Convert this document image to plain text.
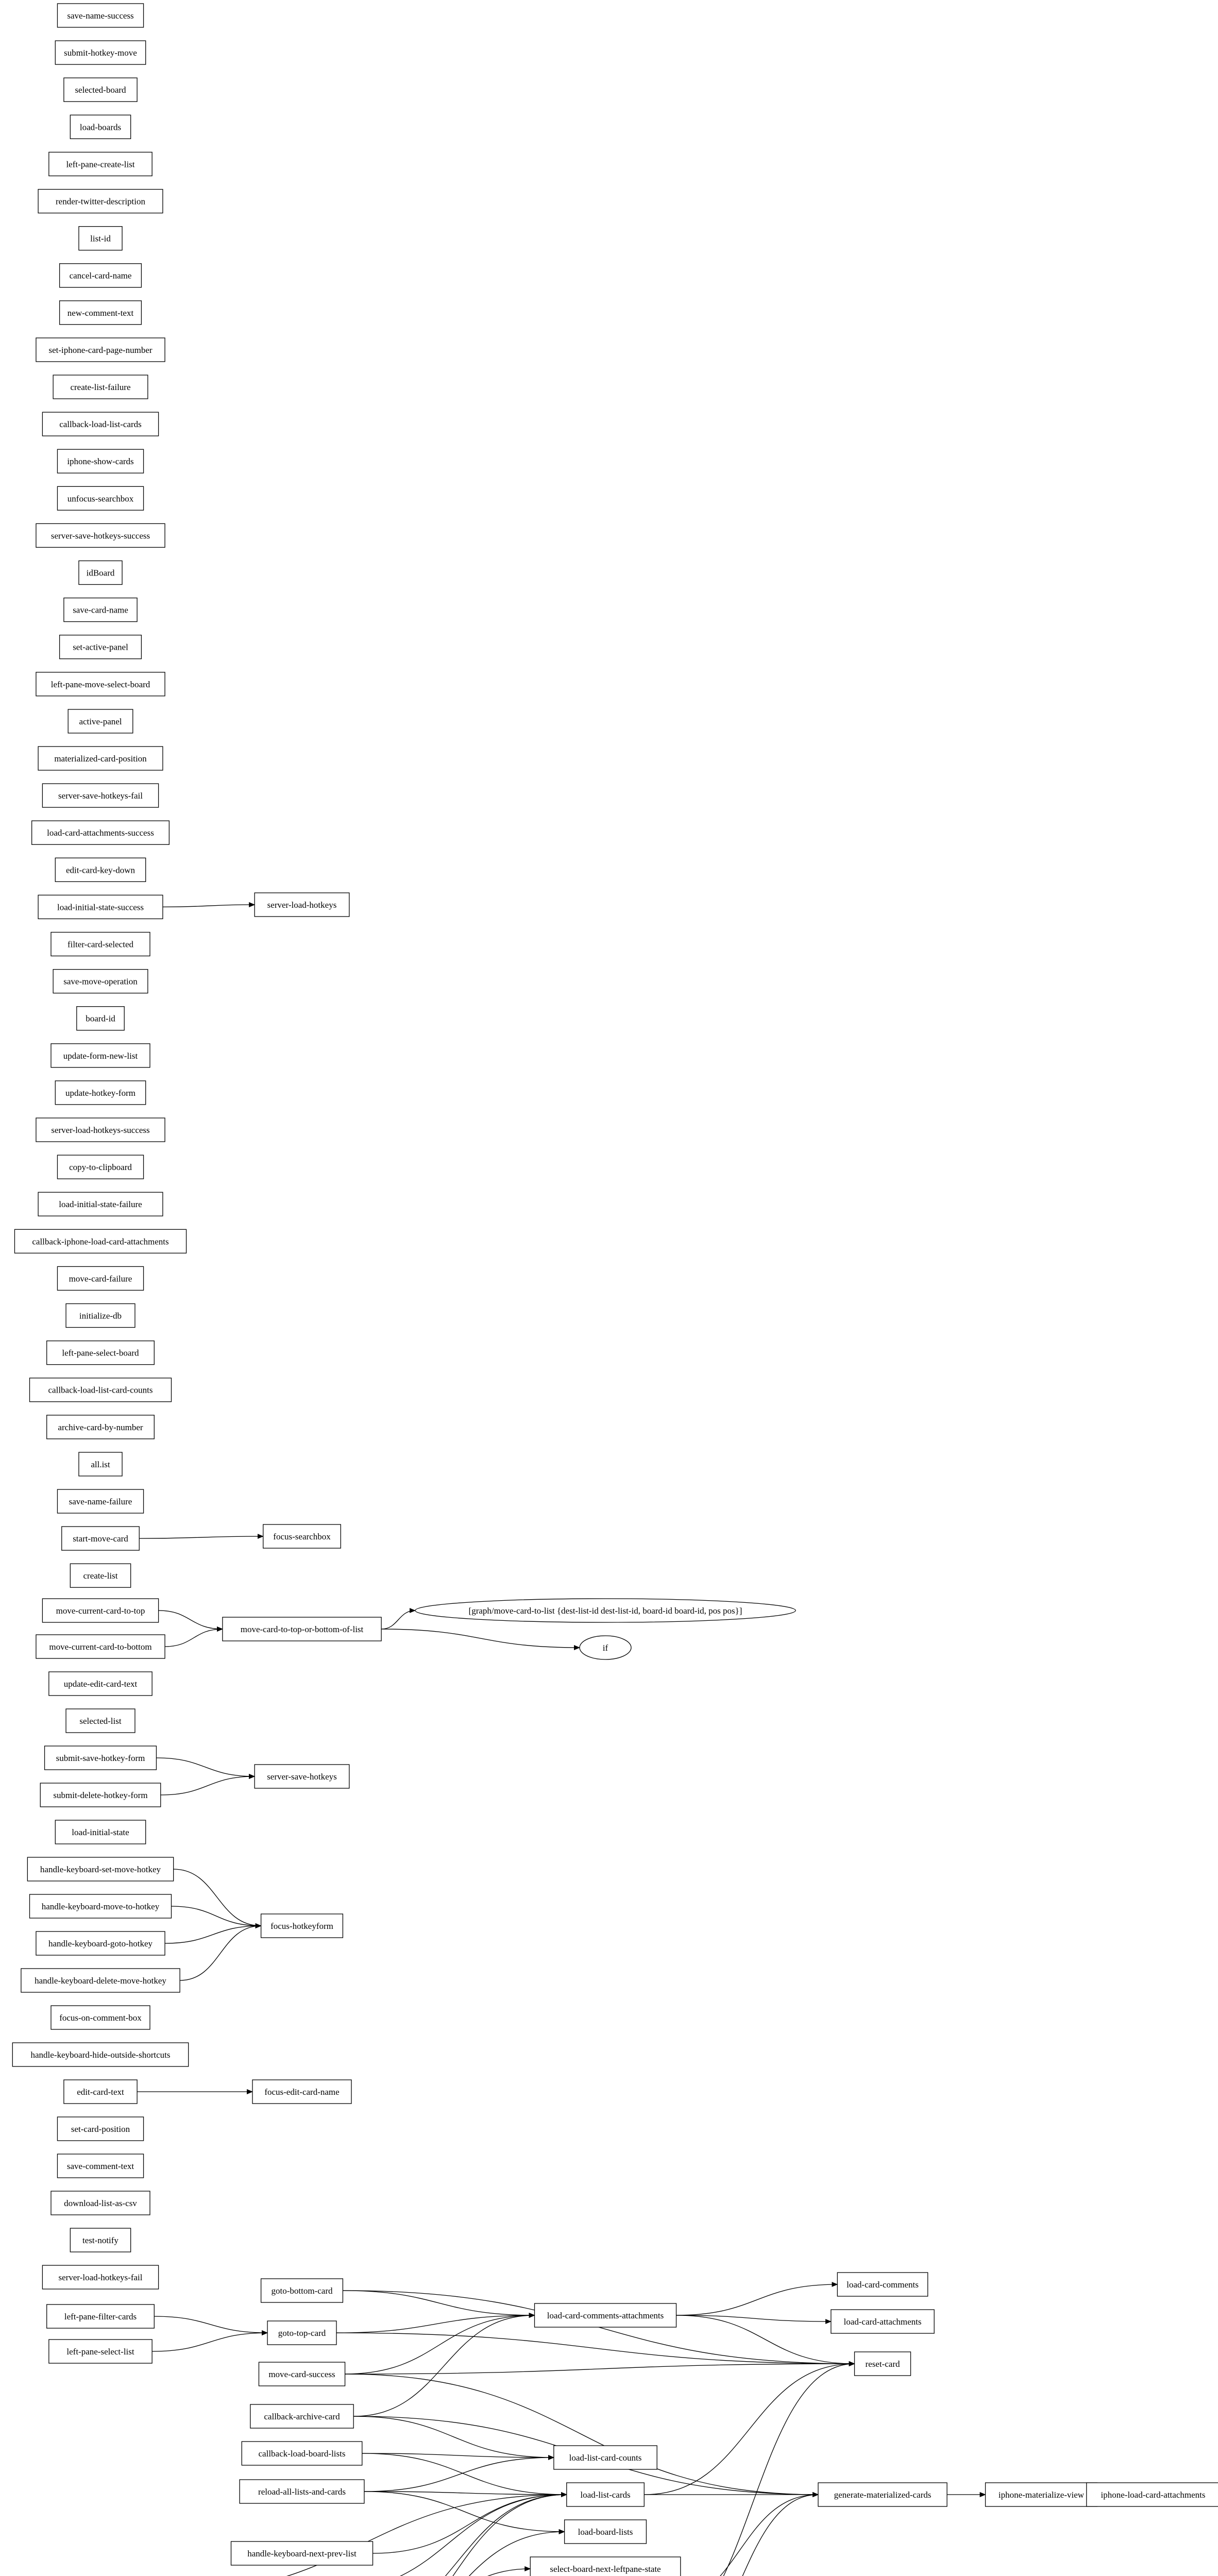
save-name-success
submit-hotkey-move
selected-board
load-boards
left-pane-create-list
render-twitter-description
list-id
cancel-card-name
new-comment-text
set-iphone-card-page-number
create-list-failure
callback-load-list-cards
iphone-show-cards
unfocus-searchbox
server-save-hotkeys-success
idBoard
save-card-name
set-active-panel
left-pane-move-select-board
active-panel
materialized-card-position
server-save-hotkeys-fail
load-card-attachments-success
edit-card-key-down
load-initial-state-success	server-load-hotkeys
filter-card-selected
save-move-operation
board-id
update-form-new-list
update-hotkey-form
server-load-hotkeys-success
copy-to-clipboard
load-initial-state-failure
callback-iphone-load-card-attachments
move-card-failure
initialize-db
left-pane-select-board
callback-load-list-card-counts
archive-card-by-number
all.ist
save-name-failure
start-move-card	focus-searchbox
create-list
move-current-card-to-top
move-card-to-top-or-bottom-of-list
[graph/move-card-to-list {dest-list-id dest-list-id, board-id board-id, pos pos}]
move-current-card-to-bottom	if
update-edit-card-text
selected-list
submit-save-hotkey-form
server-save-hotkeys
submit-delete-hotkey-form
load-initial-state
handle-keyboard-set-move-hotkey
focus-hotkeyform
handle-keyboard-move-to-hotkey
handle-keyboard-goto-hotkey
handle-keyboard-delete-move-hotkey
focus-on-comment-box
handle-keyboard-hide-outside-shortcuts
edit-card-text	focus-edit-card-name
set-card-position
save-comment-text
download-list-as-csv
test-notify
server-load-hotkeys-fail
goto-bottom-card
load-card-comments
left-pane-filter-cards
goto-top-card
load-card-comments-attachments
load-card-attachments
left-pane-select-list
reset-card
move-card-success
callback-archive-card
callback-load-board-lists	load-list-card-counts
reload-all-lists-and-cards	load-list-cards	generate-materialized-cards	iphone-materialize-view iphone-load-card-attachments
load-board-lists
handle-keyboard-next-prev-list
select-board-next-leftpane-state
